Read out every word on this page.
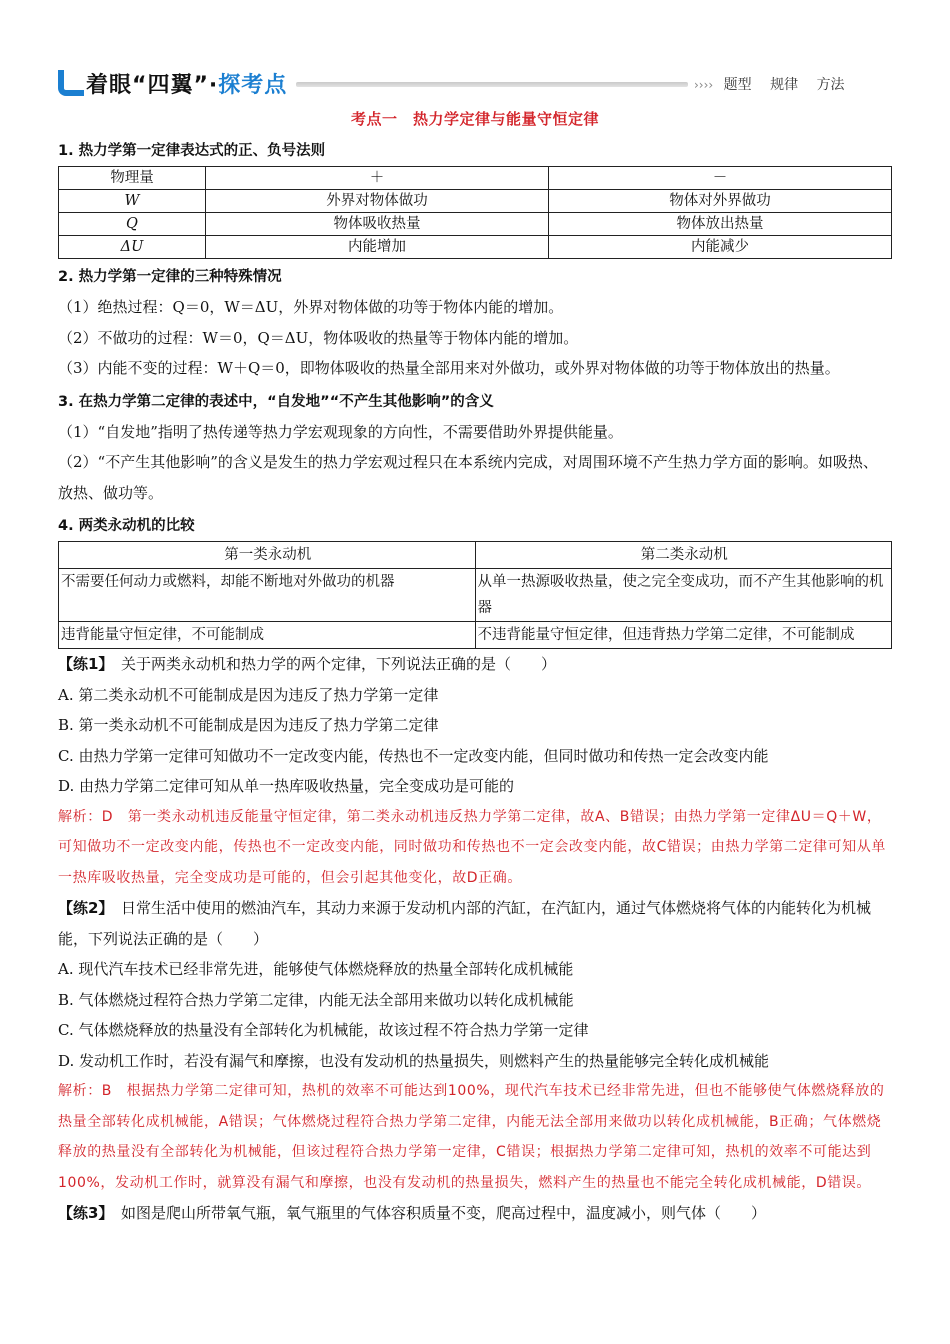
着眼“四翼”·探考点	›››› 题型 规律 方法
考点一　热力学定律与能量守恒定律
1. 热力学第一定律表达式的正、负号法则
物理量	＋	－
W	外界对物体做功	物体对外界做功
Q	物体吸收热量	物体放出热量
ΔU	内能增加	内能减少
2. 热力学第一定律的三种特殊情况

（1）绝热过程：Q＝0，W＝ΔU，外界对物体做的功等于物体内能的增加。

（2）不做功的过程：W＝0，Q＝ΔU，物体吸收的热量等于物体内能的增加。

（3）内能不变的过程：W＋Q＝0，即物体吸收的热量全部用来对外做功，或外界对物体做的功等于物体放出的热量。

3. 在热力学第二定律的表述中，“自发地”“不产生其他影响”的含义

（1）“自发地”指明了热传递等热力学宏观现象的方向性，不需要借助外界提供能量。

（2）“不产生其他影响”的含义是发生的热力学宏观过程只在本系统内完成，对周围环境不产生热力学方面的影响。如吸热、放热、做功等。

4. 两类永动机的比较
第一类永动机	第二类永动机
不需要任何动力或燃料，却能不断地对外做功的机器	从单一热源吸收热量，使之完全变成功，而不产生其他影响的机器
违背能量守恒定律，不可能制成	不违背能量守恒定律，但违背热力学第二定律，不可能制成

【练1】　关于两类永动机和热力学的两个定律，下列说法正确的是（　　）

A. 第二类永动机不可能制成是因为违反了热力学第一定律

B. 第一类永动机不可能制成是因为违反了热力学第二定律

C. 由热力学第一定律可知做功不一定改变内能，传热也不一定改变内能，但同时做功和传热一定会改变内能

D. 由热力学第二定律可知从单一热库吸收热量，完全变成功是可能的

解析：D　第一类永动机违反能量守恒定律，第二类永动机违反热力学第二定律，故A、B错误；由热力学第一定律ΔU＝Q＋W，可知做功不一定改变内能，传热也不一定改变内能，同时做功和传热也不一定会改变内能，故C错误；由热力学第二定律可知从单一热库吸收热量，完全变成功是可能的，但会引起其他变化，故D正确。

【练2】　日常生活中使用的燃油汽车，其动力来源于发动机内部的汽缸，在汽缸内，通过气体燃烧将气体的内能转化为机械能，下列说法正确的是（　　）

A. 现代汽车技术已经非常先进，能够使气体燃烧释放的热量全部转化成机械能

B. 气体燃烧过程符合热力学第二定律，内能无法全部用来做功以转化成机械能

C. 气体燃烧释放的热量没有全部转化为机械能，故该过程不符合热力学第一定律

D. 发动机工作时，若没有漏气和摩擦，也没有发动机的热量损失，则燃料产生的热量能够完全转化成机械能

解析：B　根据热力学第二定律可知，热机的效率不可能达到100%，现代汽车技术已经非常先进，但也不能够使气体燃烧释放的热量全部转化成机械能，A错误；气体燃烧过程符合热力学第二定律，内能无法全部用来做功以转化成机械能，B正确；气体燃烧释放的热量没有全部转化为机械能，但该过程符合热力学第一定律，C错误；根据热力学第二定律可知，热机的效率不可能达到100%，发动机工作时，就算没有漏气和摩擦，也没有发动机的热量损失，燃料产生的热量也不能完全转化成机械能，D错误。

【练3】　如图是爬山所带氧气瓶，氧气瓶里的气体容积质量不变，爬高过程中，温度减小，则气体（　　）
